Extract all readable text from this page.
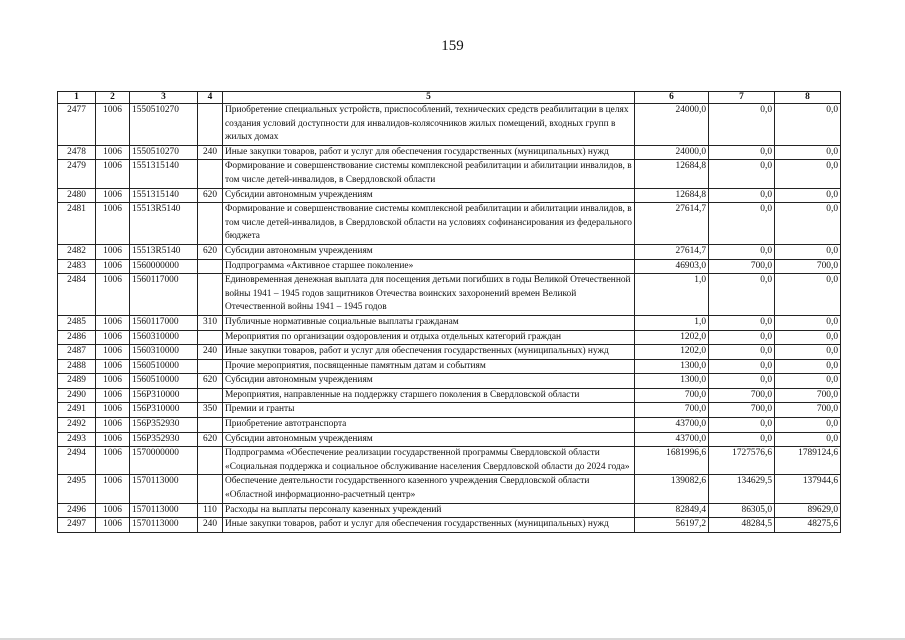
159
1	2	3	4	5	6	7	8
2477	1006	1550510270		Приобретение специальных устройств, приспособлений, технических средств реабилитации в целях создания условий доступности для инвалидов-колясочников жилых помещений, входных групп в жилых домах	24000,0	0,0	0,0
2478	1006	1550510270	240	Иные закупки товаров, работ и услуг для обеспечения государственных (муниципальных) нужд	24000,0	0,0	0,0
2479	1006	1551315140		Формирование и совершенствование системы комплексной реабилитации и абилитации инвалидов, в том числе детей-инвалидов, в Свердловской области	12684,8	0,0	0,0
2480	1006	1551315140	620	Субсидии автономным учреждениям	12684,8	0,0	0,0
2481	1006	15513R5140		Формирование и совершенствование системы комплексной реабилитации и абилитации инвалидов, в том числе детей-инвалидов, в Свердловской области на условиях софинансирования из федерального бюджета	27614,7	0,0	0,0
2482	1006	15513R5140	620	Субсидии автономным учреждениям	27614,7	0,0	0,0
2483	1006	1560000000		Подпрограмма «Активное старшее поколение»	46903,0	700,0	700,0
2484	1006	1560117000		Единовременная денежная выплата для посещения детьми погибших в годы Великой Отечественной войны 1941 – 1945 годов защитников Отечества воинских захоронений времен Великой Отечественной войны 1941 – 1945 годов	1,0	0,0	0,0
2485	1006	1560117000	310	Публичные нормативные социальные выплаты гражданам	1,0	0,0	0,0
2486	1006	1560310000		Мероприятия по организации оздоровления и отдыха отдельных категорий граждан	1202,0	0,0	0,0
2487	1006	1560310000	240	Иные закупки товаров, работ и услуг для обеспечения государственных (муниципальных) нужд	1202,0	0,0	0,0
2488	1006	1560510000		Прочие мероприятия, посвященные памятным датам и событиям	1300,0	0,0	0,0
2489	1006	1560510000	620	Субсидии автономным учреждениям	1300,0	0,0	0,0
2490	1006	156P310000		Мероприятия, направленные на поддержку старшего поколения в Свердловской области	700,0	700,0	700,0
2491	1006	156P310000	350	Премии и гранты	700,0	700,0	700,0
2492	1006	156P352930		Приобретение автотранспорта	43700,0	0,0	0,0
2493	1006	156P352930	620	Субсидии автономным учреждениям	43700,0	0,0	0,0
2494	1006	1570000000		Подпрограмма «Обеспечение реализации государственной программы Свердловской области «Социальная поддержка и социальное обслуживание населения Свердловской области до 2024 года»	1681996,6	1727576,6	1789124,6
2495	1006	1570113000		Обеспечение деятельности государственного казенного учреждения Свердловской области «Областной информационно-расчетный центр»	139082,6	134629,5	137944,6
2496	1006	1570113000	110	Расходы на выплаты персоналу казенных учреждений	82849,4	86305,0	89629,0
2497	1006	1570113000	240	Иные закупки товаров, работ и услуг для обеспечения государственных (муниципальных) нужд	56197,2	48284,5	48275,6
